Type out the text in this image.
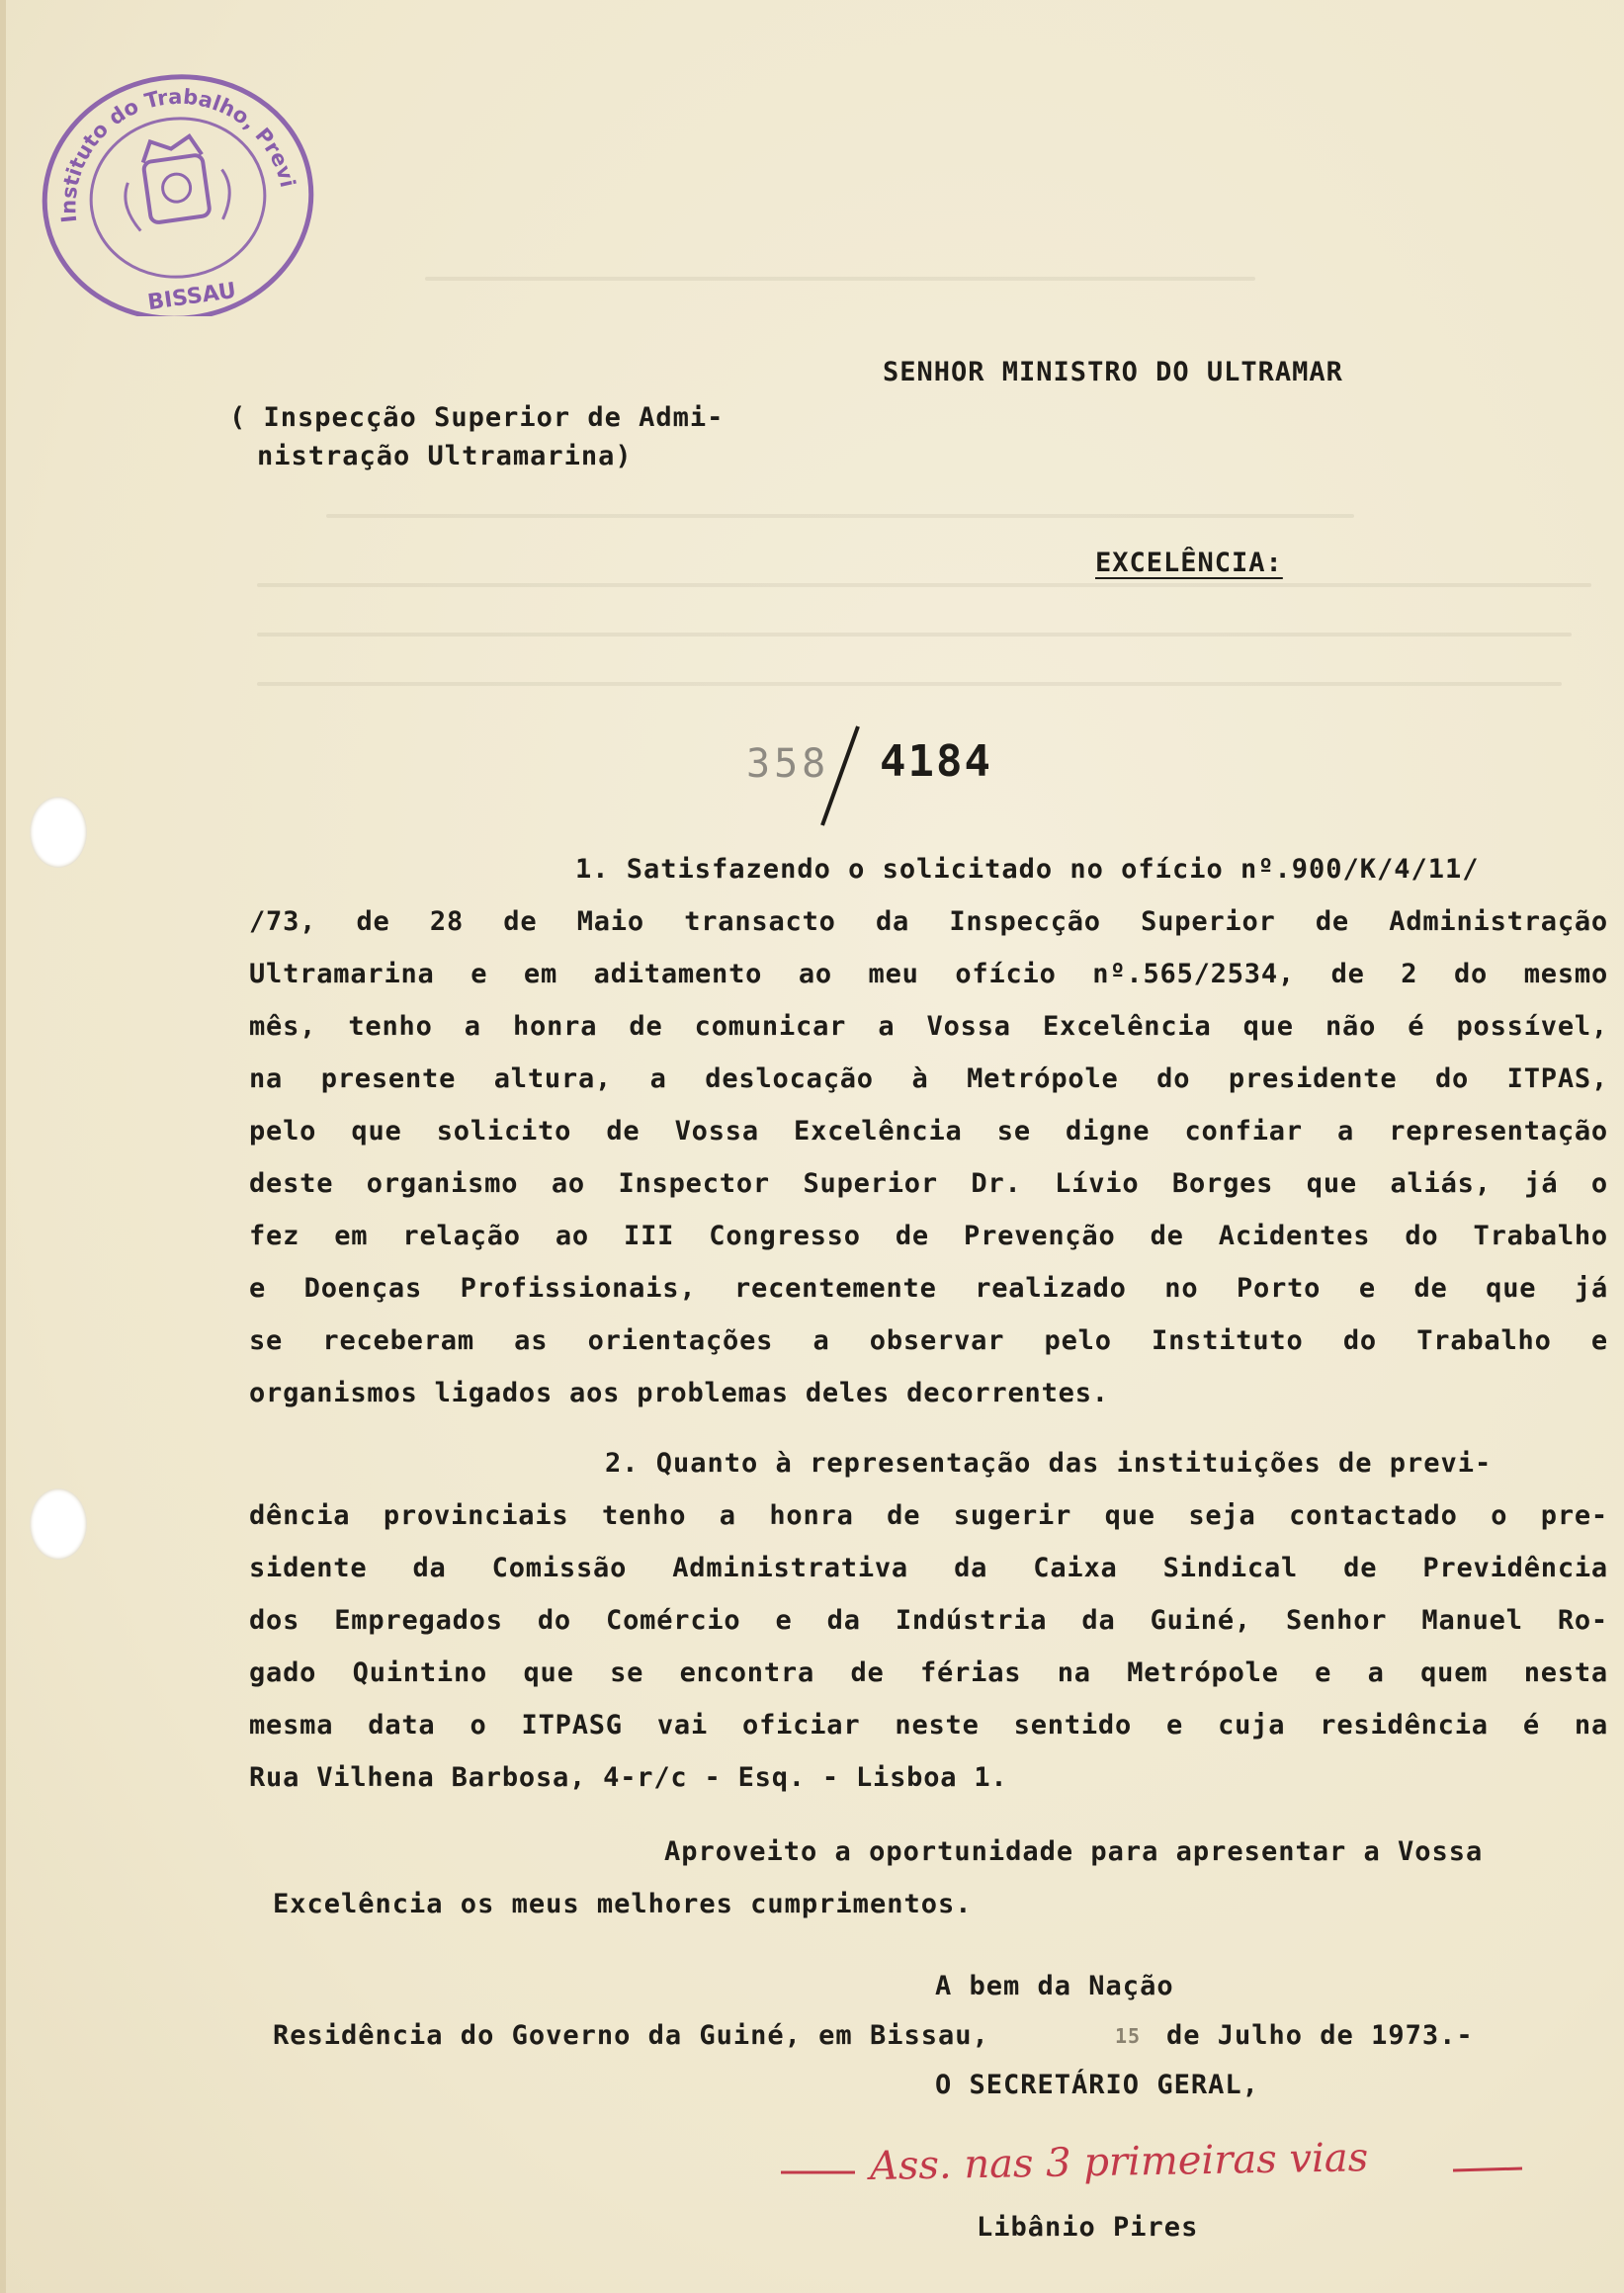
Instituto do Trabalho, Previdência
BISSAU
SENHOR MINISTRO DO ULTRAMAR
( Inspecção Superior de Admi-
nistração Ultramarina)
EXCELÊNCIA:
358 4184
1. Satisfazendo o solicitado no ofício nº.900/K/4/11/
/73, de 28 de Maio transacto da Inspecção Superior de Administração
Ultramarina e em aditamento ao meu ofício nº.565/2534, de 2 do mesmo
mês, tenho a honra de comunicar a Vossa Excelência que não é possível,
na presente altura, a deslocação à Metrópole do presidente do ITPAS,
pelo que solicito de Vossa Excelência se digne confiar a representação
deste organismo ao Inspector Superior Dr. Lívio Borges que aliás, já o
fez em relação ao III Congresso de Prevenção de Acidentes do Trabalho
e Doenças Profissionais, recentemente realizado no Porto e de que já
se receberam as orientações a observar pelo Instituto do Trabalho e
organismos ligados aos problemas deles decorrentes.
2. Quanto à representação das instituições de previ-
dência provinciais tenho a honra de sugerir que seja contactado o pre-
sidente da Comissão Administrativa da Caixa Sindical de Previdência
dos Empregados do Comércio e da Indústria da Guiné, Senhor Manuel Ro-
gado Quintino que se encontra de férias na Metrópole e a quem nesta
mesma data o ITPASG vai oficiar neste sentido e cuja residência é na
Rua Vilhena Barbosa, 4-r/c - Esq. - Lisboa 1.
Aproveito a oportunidade para apresentar a Vossa
Excelência os meus melhores cumprimentos.
A bem da Nação
Residência do Governo da Guiné, em Bissau,	15 de Julho de 1973.-
O SECRETÁRIO GERAL,
Ass. nas 3 primeiras vias
Libânio Pires
